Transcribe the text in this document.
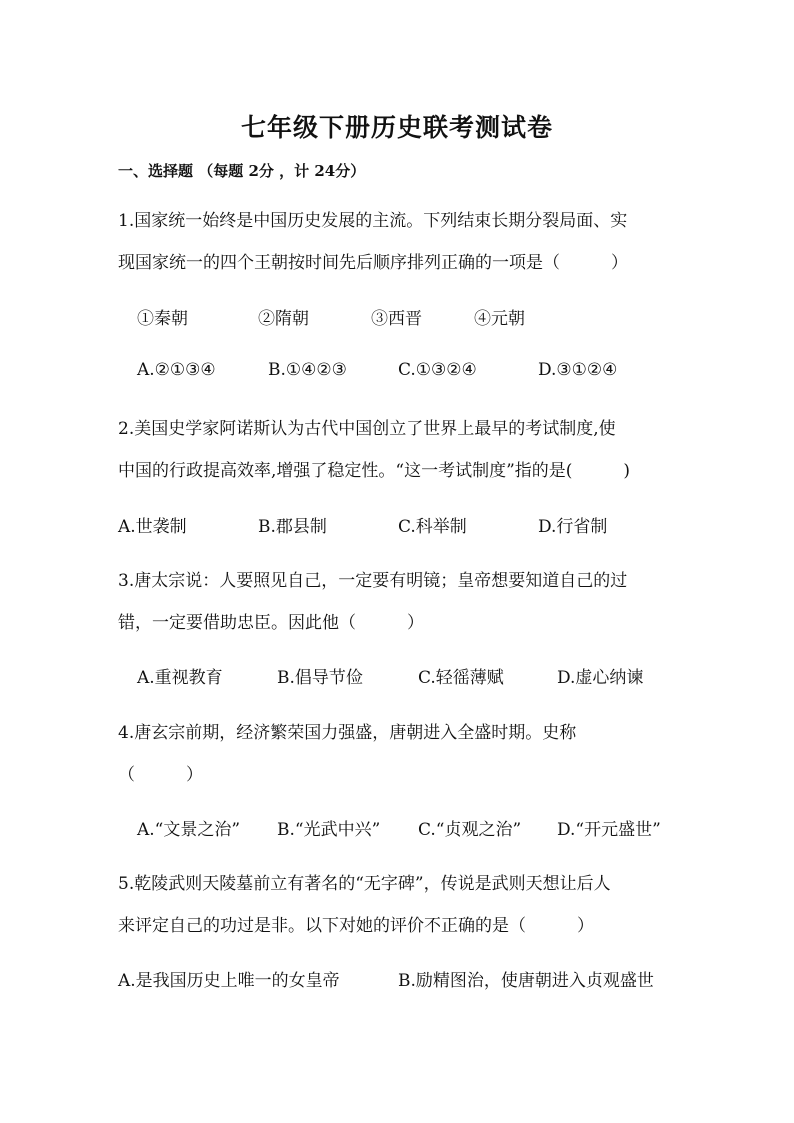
七年级下册历史联考测试卷
一、选择题 （每题 2分 ，计 24分）
1.国家统一始终是中国历史发展的主流。下列结束长期分裂局面、实
现国家统一的四个王朝按时间先后顺序排列正确的一项是（　　　）
①秦朝	②隋朝	③西晋	④元朝
A.②①③④	B.①④②③	C.①③②④	D.③①②④
2.美国史学家阿诺斯认为古代中国创立了世界上最早的考试制度,使
中国的行政提高效率,增强了稳定性。“这一考试制度”指的是(　　　)
A.世袭制	B.郡县制	C.科举制	D.行省制
3.唐太宗说：人要照见自己，一定要有明镜；皇帝想要知道自己的过
错，一定要借助忠臣。因此他（　　　）
A.重视教育	B.倡导节俭	C.轻徭薄赋	D.虚心纳谏
4.唐玄宗前期，经济繁荣国力强盛，唐朝进入全盛时期。史称
（　　　）
A.“文景之治” B.“光武中兴” C.“贞观之治” D.“开元盛世”
5.乾陵武则天陵墓前立有著名的“无字碑”，传说是武则天想让后人
来评定自己的功过是非。以下对她的评价不正确的是（　　　）
A.是我国历史上唯一的女皇帝	B.励精图治，使唐朝进入贞观盛世
